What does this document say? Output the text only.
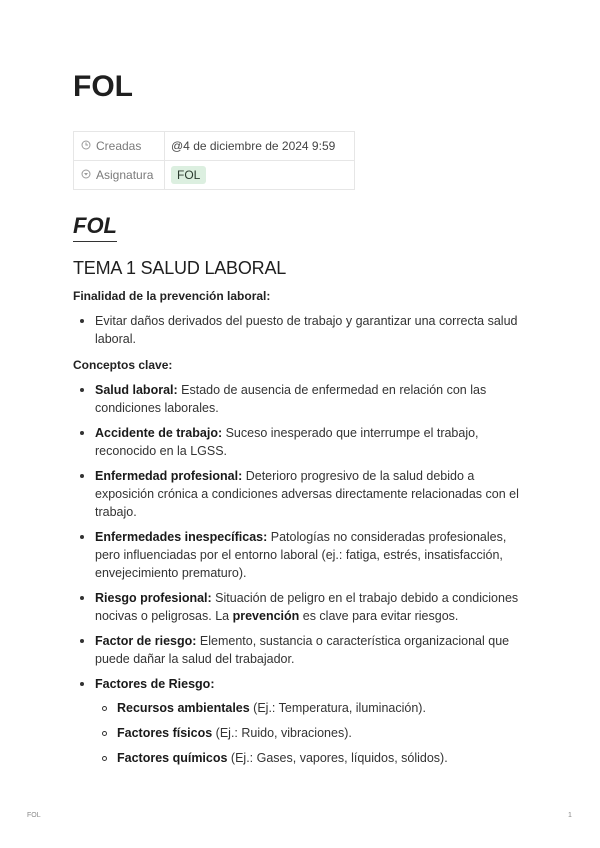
FOL
Creadas	@4 de diciembre de 2024 9:59
Asignatura	FOL
FOL
TEMA 1 SALUD LABORAL

Finalidad de la prevención laboral:

Evitar daños derivados del puesto de trabajo y garantizar una correcta salud laboral.

Conceptos clave:

Salud laboral: Estado de ausencia de enfermedad en relación con las condiciones laborales.
Accidente de trabajo: Suceso inesperado que interrumpe el trabajo, reconocido en la LGSS.
Enfermedad profesional: Deterioro progresivo de la salud debido a exposición crónica a condiciones adversas directamente relacionadas con el trabajo.
Enfermedades inespecíficas: Patologías no consideradas profesionales, pero influenciadas por el entorno laboral (ej.: fatiga, estrés, insatisfacción, envejecimiento prematuro).
Riesgo profesional: Situación de peligro en el trabajo debido a condiciones nocivas o peligrosas. La prevención es clave para evitar riesgos.
Factor de riesgo: Elemento, sustancia o característica organizacional que puede dañar la salud del trabajador.
Factores de Riesgo:
Recursos ambientales (Ej.: Temperatura, iluminación).
Factores físicos (Ej.: Ruido, vibraciones).
Factores químicos (Ej.: Gases, vapores, líquidos, sólidos).
FOL	1
